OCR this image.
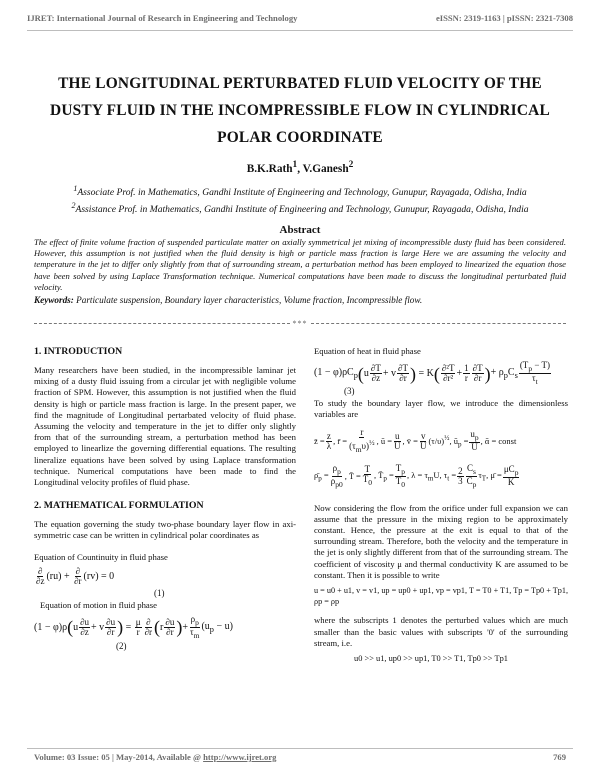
IJRET: International Journal of Research in Engineering and Technology	eISSN: 2319-1163 | pISSN: 2321-7308
THE LONGITUDINAL PERTURBATED FLUID VELOCITY OF THE DUSTY FLUID IN THE INCOMPRESSIBLE FLOW IN CYLINDRICAL POLAR COORDINATE
B.K.Rath$^1$, V.Ganesh$^2$
$^1$Associate Prof. in Mathematics, Gandhi Institute of Engineering and Technology, Gunupur, Rayagada, Odisha, India
$^2$Assistance Prof. in Mathematics, Gandhi Institute of Engineering and Technology, Gunupur, Rayagada, Odisha, India
Abstract

The effect of finite volume fraction of suspended particulate matter on axially symmetrical jet mixing of incompressible dusty fluid has been considered. However, this assumption is not justified when the fluid density is high or particle mass fraction is large Here we are assuming the velocity and temperature in the jet to differ only slightly from that of surrounding stream, a perturbation method has been employed to linearized the equation those have been solved by using Laplace Transformation technique. Numerical computations have been made to discuss the longitudinal perturbated fluid velocity.

Keywords: Particulate suspension, Boundary layer characteristics, Volume fraction, Incompressible flow.
***
1. INTRODUCTION

Many researchers have been studied, in the incompressible laminar jet mixing of a dusty fluid issuing from a circular jet with negligible volume fraction of SPM. However, this assumption is not justified when the fluid density is high or particle mass fraction is large. In the present paper, we find the magnitude of Longitudinal pertarbated velocity of fluid phase. Assuming the velocity and temperature in the jet to differ only slightly from that of the surrounding stream, a perturbation method has been employed to linearlize the governing differential equations. The resulting lineralize equations have been solved by using Laplace transformation technique. Numerical computations have been made to find the Longitudinal velocity profiles of fluid phase.

2. MATHEMATICAL FORMULATION

The equation governing the study two-phase boundary layer flow in axi-symmetric case can be written in cylindrical polar coordinates as

Equation of Countinuity in fluid phase
$\frac{\partial}{\partial z} (ru) + \frac{\partial}{\partial r} (rv) = 0$
(1)
Equation of motion in fluid phase
(1 − φ)ρ ( u $\frac{\partial u}{\partial z} + v \frac{\partial u}{\partial r}$ ) = $\frac{\mu}{r} \frac{\partial}{\partial r}$ ( r $\frac{\partial u}{\partial r}$ ) + $\frac{\rho_p}{\tau_m} (u_p - u)$
(2)
Equation of heat in fluid phase
$(1 - \varphi)\rho C_p$ ( u $\frac{\partial T}{\partial z} + v \frac{\partial T}{\partial r}$ ) = K ( $\frac{\text{∂²T}}{\text{∂r²}} + \frac{1}{r} \frac{\partial T}{\partial r}$ ) + $\rho_pC_s \frac{(T_p - T)}{\tau_t}$
(3)

To study the boundary layer flow, we introduce the dimensionless variables are

z̄ = $\frac{z}{\lambda}$ , r̄ = $\frac{r}{(\tau_m\upsilon)^{\frac{1}{2}}}$ , ū = $\frac{u}{U}$ , v̄ = $\frac{v}{U} (\tau/\upsilon)^{\frac{1}{2}}$, $ū_p = \frac{u_p}{U}$ , ᾱ = const
$\rhō_p = \frac{\rho_p}{\rho_{p0}}$ , T̄ = $\frac{T}{T_0}$ , $T̄_p = \frac{T_p}{T_0}$ , $\lambda = \tau_mU$, $\tau_t = \frac{2}{3} \frac{C_s}{C_p} \tau_T$, μ̄ = $\frac{\mu C_p}{K}$

Now considering the flow from the orifice under full expansion we can assume that the pressure in the mixing region to be approximately constant. Hence, the pressure at the exit is equal to that of the surrounding stream. Therefore, both the velocity and the temperature in the jet is only slightly different from that of the surrounding stream. The coefficient of viscosity μ and thermal conductivity K are assumed to be constant. Then it is possible to write

u = u0 + u1, v = v1, up = up0 + up1, vp = vp1, T = T0 + T1, Tp = Tp0 + Tp1, ρp = ρp

where the subscripts 1 denotes the perturbed values which are much smaller than the basic values with subscripts '0' of the surrounding stream, i.e.

u0 >> u1, up0 >> up1, T0 >> T1, Tp0 >> Tp1
Volume: 03 Issue: 05 | May-2014, Available @ http://www.ijret.org	769
